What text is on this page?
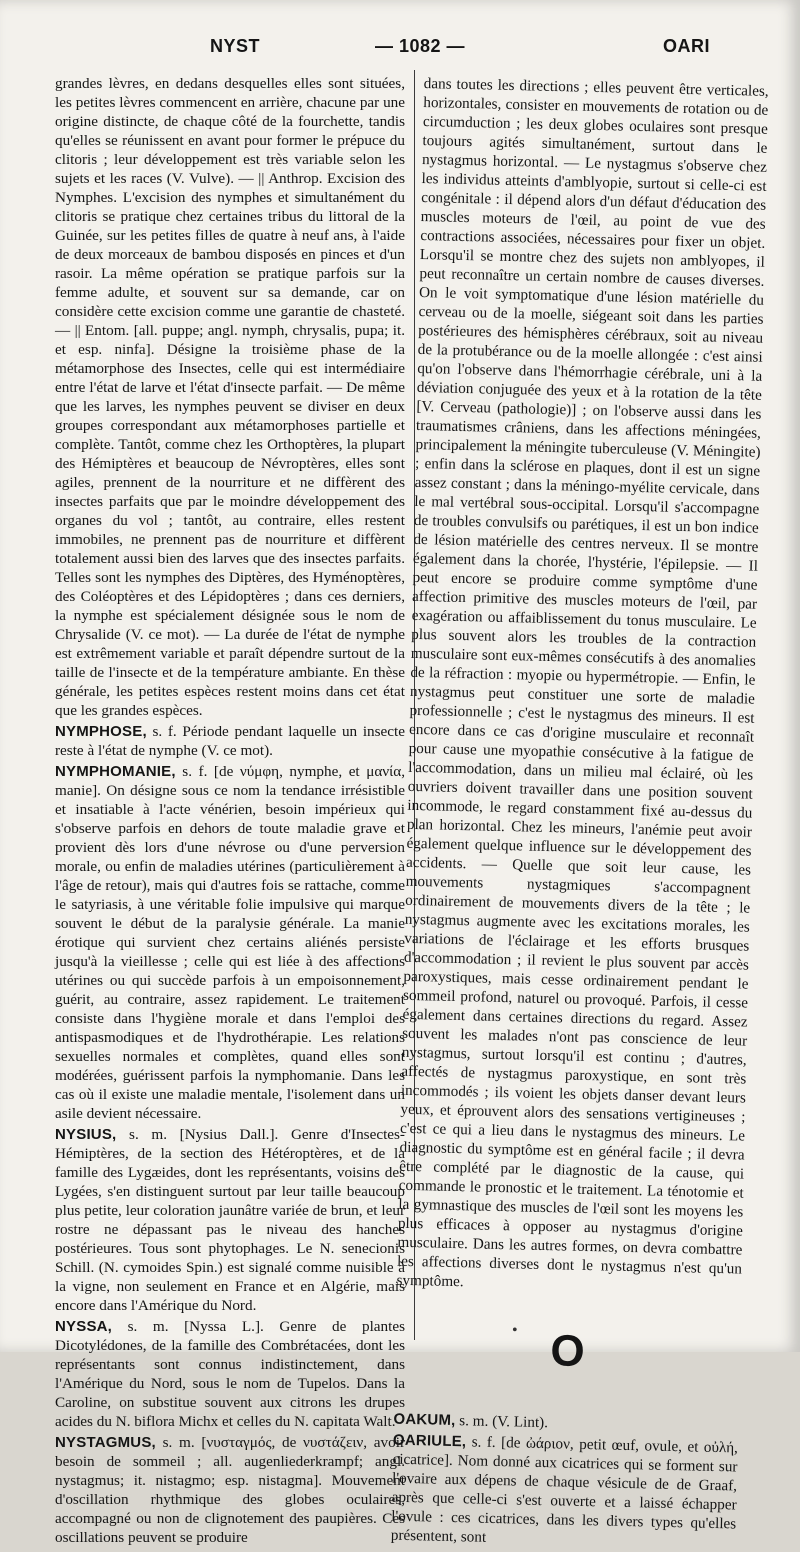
NYST	— 1082 —	OARI

grandes lèvres, en dedans desquelles elles sont situées, les petites lèvres commencent en arrière, chacune par une origine distincte, de chaque côté de la fourchette, tandis qu'elles se réunissent en avant pour former le prépuce du clitoris ; leur développement est très variable selon les sujets et les races (V. Vulve). — || Anthrop. Excision des Nymphes. L'excision des nymphes et simultanément du clitoris se pratique chez certaines tribus du littoral de la Guinée, sur les petites filles de quatre à neuf ans, à l'aide de deux morceaux de bambou disposés en pinces et d'un rasoir. La même opération se pratique parfois sur la femme adulte, et souvent sur sa demande, car on considère cette excision comme une garantie de chasteté. — || Entom. [all. puppe; angl. nymph, chrysalis, pupa; it. et esp. ninfa]. Désigne la troisième phase de la métamorphose des Insectes, celle qui est intermédiaire entre l'état de larve et l'état d'insecte parfait. — De même que les larves, les nymphes peuvent se diviser en deux groupes correspondant aux métamorphoses partielle et complète. Tantôt, comme chez les Orthoptères, la plupart des Hémiptères et beaucoup de Névroptères, elles sont agiles, prennent de la nourriture et ne diffèrent des insectes parfaits que par le moindre développement des organes du vol ; tantôt, au contraire, elles restent immobiles, ne prennent pas de nourriture et diffèrent totalement aussi bien des larves que des insectes parfaits. Telles sont les nymphes des Diptères, des Hyménoptères, des Coléoptères et des Lépidoptères ; dans ces derniers, la nymphe est spécialement désignée sous le nom de Chrysalide (V. ce mot). — La durée de l'état de nymphe est extrêmement variable et paraît dépendre surtout de la taille de l'insecte et de la température ambiante. En thèse générale, les petites espèces restent moins dans cet état que les grandes espèces.

NYMPHOSE, s. f. Période pendant laquelle un insecte reste à l'état de nymphe (V. ce mot).

NYMPHOMANIE, s. f. [de νύμφη, nymphe, et μανία, manie]. On désigne sous ce nom la tendance irrésistible et insatiable à l'acte vénérien, besoin impérieux qui s'observe parfois en dehors de toute maladie grave et provient dès lors d'une névrose ou d'une perversion morale, ou enfin de maladies utérines (particulièrement à l'âge de retour), mais qui d'autres fois se rattache, comme le satyriasis, à une véritable folie impulsive qui marque souvent le début de la paralysie générale. La manie érotique qui survient chez certains aliénés persiste jusqu'à la vieillesse ; celle qui est liée à des affections utérines ou qui succède parfois à un empoisonnement, guérit, au contraire, assez rapidement. Le traitement consiste dans l'hygiène morale et dans l'emploi des antispasmodiques et de l'hydrothérapie. Les relations sexuelles normales et complètes, quand elles sont modérées, guérissent parfois la nymphomanie. Dans les cas où il existe une maladie mentale, l'isolement dans un asile devient nécessaire.

NYSIUS, s. m. [Nysius Dall.]. Genre d'Insectes-Hémiptères, de la section des Hétéroptères, et de la famille des Lygæides, dont les représentants, voisins des Lygées, s'en distinguent surtout par leur taille beaucoup plus petite, leur coloration jaunâtre variée de brun, et leur rostre ne dépassant pas le niveau des hanches postérieures. Tous sont phytophages. Le N. senecionis Schill. (N. cymoides Spin.) est signalé comme nuisible à la vigne, non seulement en France et en Algérie, mais encore dans l'Amérique du Nord.

NYSSA, s. m. [Nyssa L.]. Genre de plantes Dicotylédones, de la famille des Combrétacées, dont les représentants sont connus indistinctement, dans l'Amérique du Nord, sous le nom de Tupelos. Dans la Caroline, on substitue souvent aux citrons les drupes acides du N. biflora Michx et celles du N. capitata Walt.

NYSTAGMUS, s. m. [νυσταγμός, de νυστάζειν, avoir besoin de sommeil ; all. augenliederkrampf; angl. nystagmus; it. nistagmo; esp. nistagma]. Mouvement d'oscillation rhythmique des globes oculaires, accompagné ou non de clignotement des paupières. Ces oscillations peuvent se produire

dans toutes les directions ; elles peuvent être verticales, horizontales, consister en mouvements de rotation ou de circumduction ; les deux globes oculaires sont presque toujours agités simultanément, surtout dans le nystagmus horizontal. — Le nystagmus s'observe chez les individus atteints d'amblyopie, surtout si celle-ci est congénitale : il dépend alors d'un défaut d'éducation des muscles moteurs de l'œil, au point de vue des contractions associées, nécessaires pour fixer un objet. Lorsqu'il se montre chez des sujets non amblyopes, il peut reconnaître un certain nombre de causes diverses. On le voit symptomatique d'une lésion matérielle du cerveau ou de la moelle, siégeant soit dans les parties postérieures des hémisphères cérébraux, soit au niveau de la protubérance ou de la moelle allongée : c'est ainsi qu'on l'observe dans l'hémorrhagie cérébrale, uni à la déviation conjuguée des yeux et à la rotation de la tête [V. Cerveau (pathologie)] ; on l'observe aussi dans les traumatismes crâniens, dans les affections méningées, principalement la méningite tuberculeuse (V. Méningite) ; enfin dans la sclérose en plaques, dont il est un signe assez constant ; dans la méningo-myélite cervicale, dans le mal vertébral sous-occipital. Lorsqu'il s'accompagne de troubles convulsifs ou parétiques, il est un bon indice de lésion matérielle des centres nerveux. Il se montre également dans la chorée, l'hystérie, l'épilepsie. — Il peut encore se produire comme symptôme d'une affection primitive des muscles moteurs de l'œil, par exagération ou affaiblissement du tonus musculaire. Le plus souvent alors les troubles de la contraction musculaire sont eux-mêmes consécutifs à des anomalies de la réfraction : myopie ou hypermétropie. — Enfin, le nystagmus peut constituer une sorte de maladie professionnelle ; c'est le nystagmus des mineurs. Il est encore dans ce cas d'origine musculaire et reconnaît pour cause une myopathie consécutive à la fatigue de l'accommodation, dans un milieu mal éclairé, où les ouvriers doivent travailler dans une position souvent incommode, le regard constamment fixé au-dessus du plan horizontal. Chez les mineurs, l'anémie peut avoir également quelque influence sur le développement des accidents. — Quelle que soit leur cause, les mouvements nystagmiques s'accompagnent ordinairement de mouvements divers de la tête ; le nystagmus augmente avec les excitations morales, les variations de l'éclairage et les efforts brusques d'accommodation ; il revient le plus souvent par accès paroxystiques, mais cesse ordinairement pendant le sommeil profond, naturel ou provoqué. Parfois, il cesse également dans certaines directions du regard. Assez souvent les malades n'ont pas conscience de leur nystagmus, surtout lorsqu'il est continu ; d'autres, affectés de nystagmus paroxystique, en sont très incommodés ; ils voient les objets danser devant leurs yeux, et éprouvent alors des sensations vertigineuses ; c'est ce qui a lieu dans le nystagmus des mineurs. Le diagnostic du symptôme est en général facile ; il devra être complété par le diagnostic de la cause, qui commande le pronostic et le traitement. La ténotomie et la gymnastique des muscles de l'œil sont les moyens les plus efficaces à opposer au nystagmus d'origine musculaire. Dans les autres formes, on devra combattre les affections diverses dont le nystagmus n'est qu'un symptôme.

O

OAKUM, s. m. (V. Lint).

OARIULE, s. f. [de ὠάριον, petit œuf, ovule, et οὐλή, cicatrice]. Nom donné aux cicatrices qui se forment sur l'ovaire aux dépens de chaque vésicule de de Graaf, après que celle-ci s'est ouverte et a laissé échapper l'ovule : ces cicatrices, dans les divers types qu'elles présentent, sont

•
